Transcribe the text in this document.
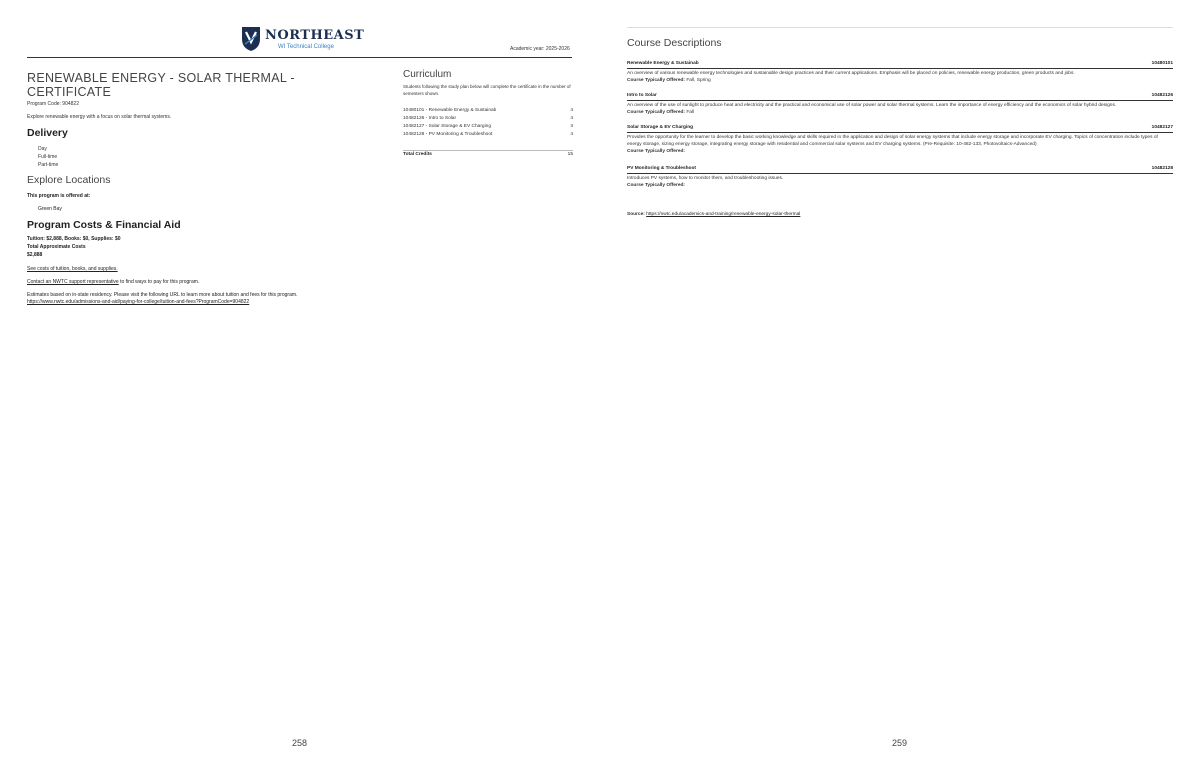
NORTHEAST
WI Technical College	Academic year: 2025-2026
RENEWABLE ENERGY - SOLAR THERMAL - CERTIFICATE
Program Code: 904822
Explore renewable energy with a focus on solar thermal systems.
Delivery
Day
Full-time
Part-time
Explore Locations
This program is offered at:
Green Bay
Program Costs & Financial Aid
Tuition: $2,888, Books: $0, Supplies: $0
Total Approximate Costs
$2,888
See costs of tuition, books, and supplies.
Contact an NWTC support representative to find ways to pay for this program.
Estimates based on in-state residency. Please visit the following URL to learn more about tuition and fees for this program.
https://www.nwtc.edu/admissions-and-aid/paying-for-college/tuition-and-fees?ProgramCode=904822
Curriculum
Students following the study plan below will complete the certificate in the number of semesters shown.
10480101 - Renewable Energy & Sustainab	4
10482126 - Intro to Solar	4
10482127 - Solar Storage & EV Charging	3
10482128 - PV Monitoring & Troubleshoot	4
Total Credits	15
258
Course Descriptions
Renewable Energy & Sustainab	10480101
An overview of various renewable energy technologies and sustainable design practices and their current applications. Emphasis will be placed on policies, renewable energy production, green products and jobs.
Course Typically Offered: Fall, Spring
Intro to Solar	10482126
An overview of the use of sunlight to produce heat and electricity and the practical and economical use of solar power and solar thermal systems. Learn the importance of energy efficiency and the economics of solar hybrid designs.
Course Typically Offered: Fall
Solar Storage & EV Charging	10482127
Provides the opportunity for the learner to develop the basic working knowledge and skills required in the application and design of solar energy systems that include energy storage and incorporate EV charging. Topics of concentration include types of energy storage, sizing energy storage, integrating energy storage with residential and commercial solar systems and EV charging systems. (Pre-Requisite: 10-482-133, Photovoltaics-Advanced)
Course Typically Offered:
PV Monitoring & Troubleshoot	10482128
Introduces PV systems, how to monitor them, and troubleshooting issues.
Course Typically Offered:
Source: https://nwtc.edu/academics-and-training/renewable-energy-solar-thermal
259
